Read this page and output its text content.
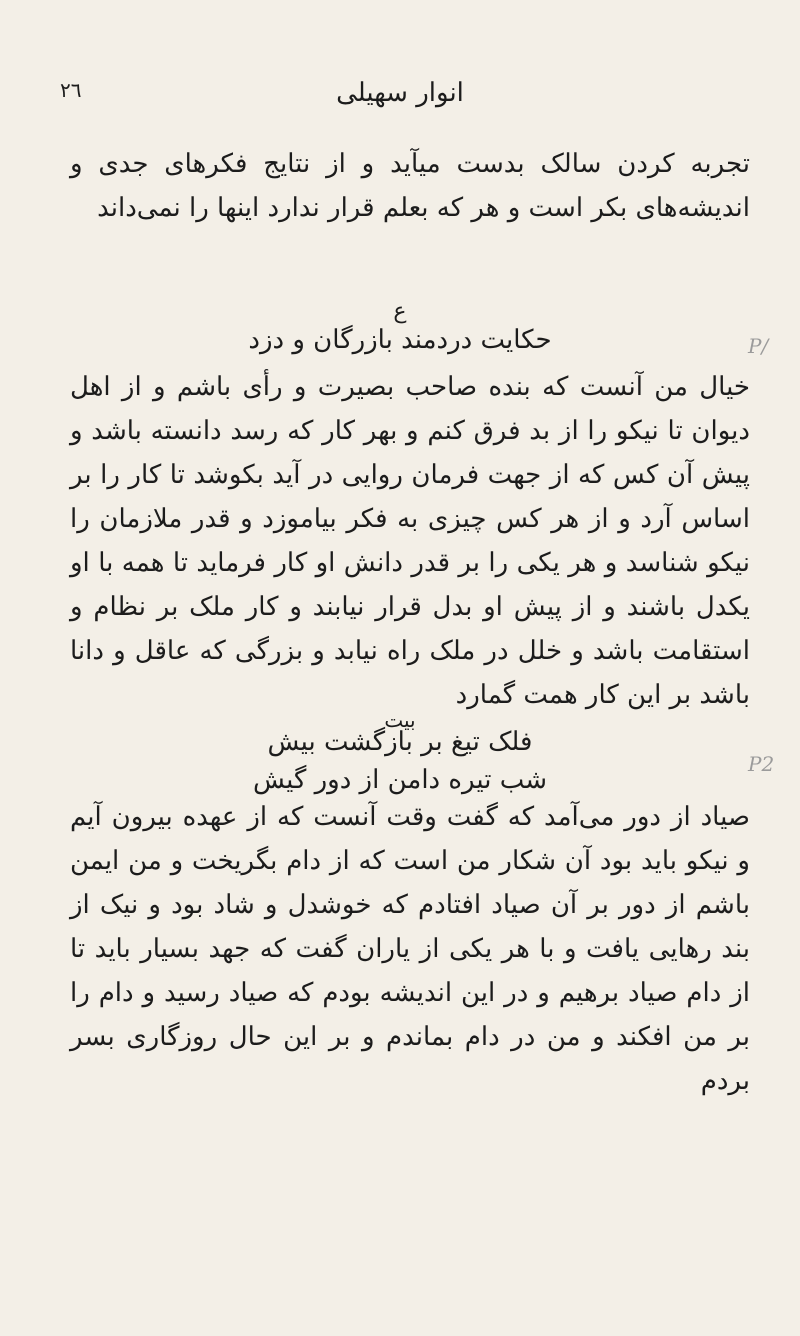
٢٦	انوار سهیلی
تجربه کردن سالک بدست میآید و از نتایج فکرهای جدی و اندیشه‌های بکر است و هر که بعلم قرار ندارد اینها را نمی‌داند
ع
حکایت دردمند بازرگان و دزد
خیال من آنست که بنده صاحب بصیرت و رأی باشم و از اهل دیوان تا نیکو را از بد فرق کنم و بهر کار که رسد دانسته باشد و پیش آن کس که از جهت فرمان روایی در آید بکوشد تا کار را بر اساس آرد و از هر کس چیزی به فکر بیاموزد و قدر ملازمان را نیکو شناسد و هر یکی را بر قدر دانش او کار فرماید تا همه با او یکدل باشند و از پیش او بدل قرار نیابند و کار ملک بر نظام و استقامت باشد و خلل در ملک راه نیابد و بزرگی که عاقل و دانا باشد بر این کار همت گمارد
بیت
فلک تیغ بر بازگشت بیش
شب تیره دامن از دور گیش
صیاد از دور می‌آمد که گفت وقت آنست که از عهده بیرون آیم و نیکو باید بود آن شکار من است که از دام بگریخت و من ایمن باشم از دور بر آن صیاد افتادم که خوشدل و شاد بود و نیک از بند رهایی یافت و با هر یکی از یاران گفت که جهد بسیار باید تا از دام صیاد برهیم و در این اندیشه بودم که صیاد رسید و دام را بر من افکند و من در دام بماندم و بر این حال روزگاری بسر بردم
P/
P2
